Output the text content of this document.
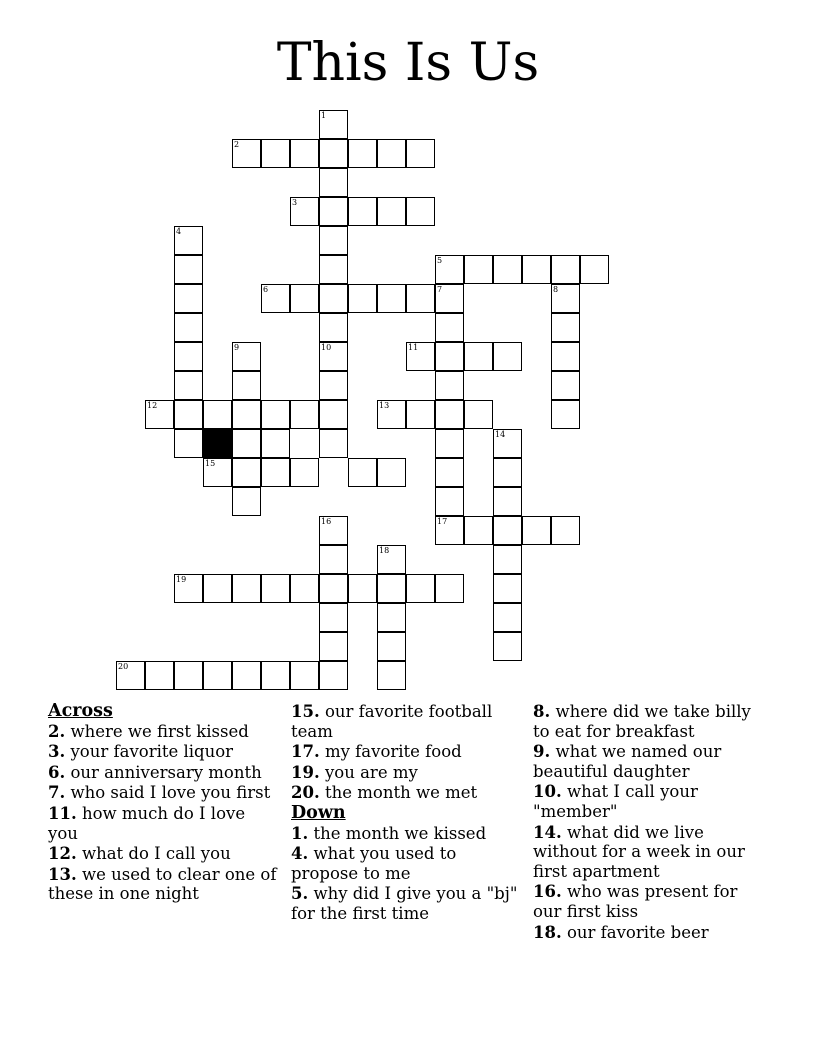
This Is Us
1
2
3
4
5
7
6	8
9	10	11
12	13
15
16	17
14
18
19
20
Across
2. where we first kissed
3. your favorite liquor
6. our anniversary month
7. who said I love you first
11. how much do I love you
12. what do I call you
13. we used to clear one of these in one night
15. our favorite football team
17. my favorite food
19. you are my
20. the month we met
Down
1. the month we kissed
4. what you used to propose to me
5. why did I give you a "bj" for the first time
8. where did we take billy to eat for breakfast
9. what we named our beautiful daughter
10. what I call your "member"
14. what did we live without for a week in our first apartment
16. who was present for our first kiss
18. our favorite beer
